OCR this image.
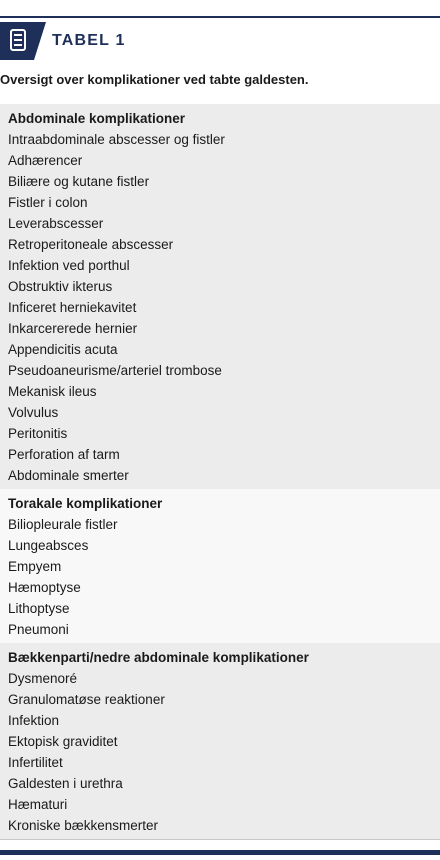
TABEL 1
Oversigt over komplikationer ved tabte galdesten.
Abdominale komplikationer
Intraabdominale abscesser og fistler
Adhærencer
Biliære og kutane fistler
Fistler i colon
Leverabscesser
Retroperitoneale abscesser
Infektion ved porthul
Obstruktiv ikterus
Inficeret herniekavitet
Inkarcererede hernier
Appendicitis acuta
Pseudoaneurisme/arteriel trombose
Mekanisk ileus
Volvulus
Peritonitis
Perforation af tarm
Abdominale smerter
Torakale komplikationer
Biliopleurale fistler
Lungeabsces
Empyem
Hæmoptyse
Lithoptyse
Pneumoni
Bækkenparti/nedre abdominale komplikationer
Dysmenoré
Granulomatøse reaktioner
Infektion
Ektopisk graviditet
Infertilitet
Galdesten i urethra
Hæmaturi
Kroniske bækkensmerter
